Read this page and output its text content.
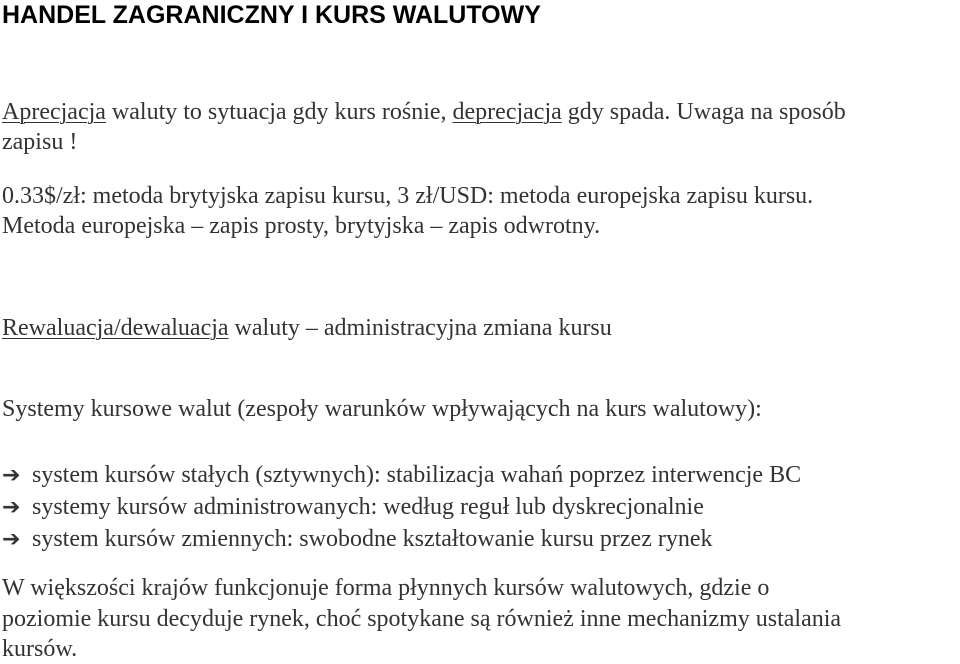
HANDEL ZAGRANICZNY I KURS WALUTOWY

Aprecjacja waluty to sytuacja gdy kurs rośnie, deprecjacja gdy spada. Uwaga na sposób

zapisu !

0.33$/zł: metoda brytyjska zapisu kursu, 3 zł/USD: metoda europejska zapisu kursu.

Metoda europejska – zapis prosty, brytyjska – zapis odwrotny.

Rewaluacja/dewaluacja waluty – administracyjna zmiana kursu

Systemy kursowe walut (zespoły warunków wpływających na kurs walutowy):

➔ system kursów stałych (sztywnych): stabilizacja wahań poprzez interwencje BC

➔ systemy kursów administrowanych: według reguł lub dyskrecjonalnie

➔ system kursów zmiennych: swobodne kształtowanie kursu przez rynek

W większości krajów funkcjonuje forma płynnych kursów walutowych, gdzie o

poziomie kursu decyduje rynek, choć spotykane są również inne mechanizmy ustalania

kursów.
